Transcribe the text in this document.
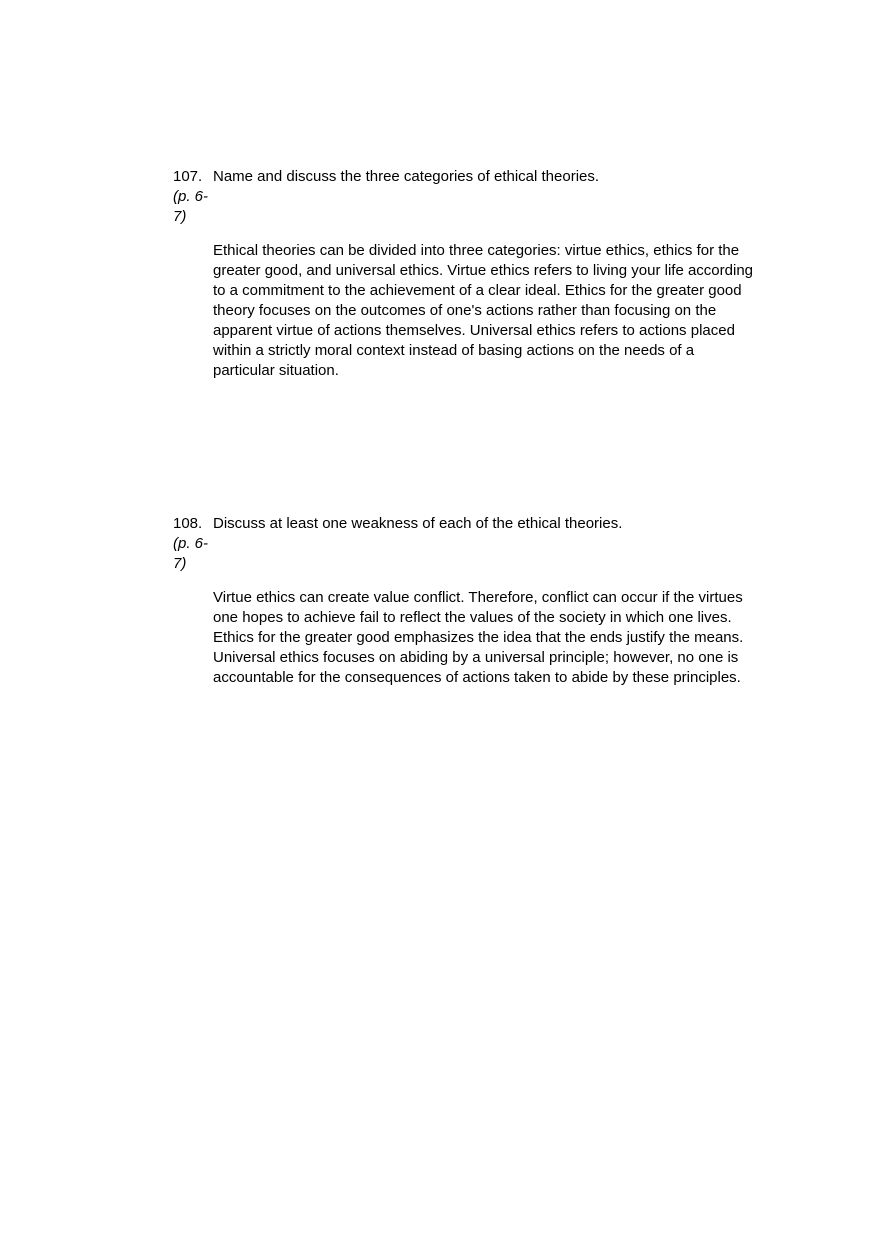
107.
(p. 6-7)
Name and discuss the three categories of ethical theories.
Ethical theories can be divided into three categories: virtue ethics, ethics for the greater good, and universal ethics. Virtue ethics refers to living your life according to a commitment to the achievement of a clear ideal. Ethics for the greater good theory focuses on the outcomes of one's actions rather than focusing on the apparent virtue of actions themselves. Universal ethics refers to actions placed within a strictly moral context instead of basing actions on the needs of a particular situation.
108.
(p. 6-7)
Discuss at least one weakness of each of the ethical theories.
Virtue ethics can create value conflict. Therefore, conflict can occur if the virtues one hopes to achieve fail to reflect the values of the society in which one lives. Ethics for the greater good emphasizes the idea that the ends justify the means. Universal ethics focuses on abiding by a universal principle; however, no one is accountable for the consequences of actions taken to abide by these principles.
